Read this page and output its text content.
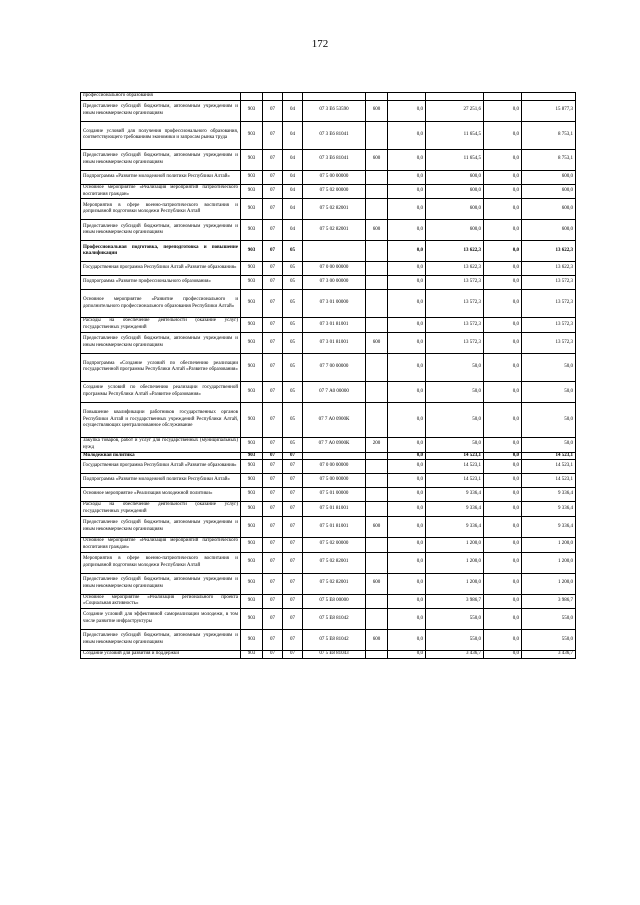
172
профессионального образования									
Предоставление субсидий бюджетным, автономным учреждениям и иным некоммерческим организациям	903	07	04	07 3 Е6 53590	600	0,0	27 251,6	0,0	15 877,3
Создание условий для получения профессионального образования, соответствующего требованиям экономики и запросам рынка труда	903	07	04	07 3 Е6 81041		0,0	11 654,5	0,0	8 753,1
Предоставление субсидий бюджетным, автономным учреждениям и иным некоммерческим организациям	903	07	04	07 3 Е6 81041	600	0,0	11 654,5	0,0	8 753,1
Подпрограмма «Развитие молодежной политики Республики Алтай»	903	07	04	07 5 00 00000		0,0	600,0	0,0	600,0
Основное мероприятие «Реализация мероприятий патриотического воспитания граждан»	903	07	04	07 5 02 00000		0,0	600,0	0,0	600,0
Мероприятия в сфере военно-патриотического воспитания и допризывной подготовки молодежи Республики Алтай	903	07	04	07 5 02 82001		0,0	600,0	0,0	600,0
Предоставление субсидий бюджетным, автономным учреждениям и иным некоммерческим организациям	903	07	04	07 5 02 82001	600	0,0	600,0	0,0	600,0
Профессиональная подготовка, переподготовка и повышение квалификации	903	07	05			0,0	13 622,3	0,0	13 622,3
Государственная программа Республики Алтай «Развитие образования»	903	07	05	07 0 00 00000		0,0	13 622,3	0,0	13 622,3
Подпрограмма «Развитие профессионального образования»	903	07	05	07 3 00 00000		0,0	13 572,3	0,0	13 572,3
Основное мероприятие «Развитие профессионального и дополнительного профессионального образования Республики Алтай»	903	07	05	07 3 01 00000		0,0	13 572,3	0,0	13 572,3
Расходы на обеспечение деятельности (оказание услуг) государственных учреждений	903	07	05	07 3 01 81001		0,0	13 572,3	0,0	13 572,3
Предоставление субсидий бюджетным, автономным учреждениям и иным некоммерческим организациям	903	07	05	07 3 01 81001	600	0,0	13 572,3	0,0	13 572,3
Подпрограмма «Создание условий по обеспечению реализации государственной программы Республики Алтай «Развитие образования»	903	07	05	07 7 00 00000		0,0	50,0	0,0	50,0
Создание условий по обеспечению реализации государственной программы Республики Алтай «Развитие образования»	903	07	05	07 7 А0 00000		0,0	50,0	0,0	50,0
Повышение квалификации работников государственных органов Республики Алтай и государственных учреждений Республики Алтай, осуществляющих централизованное обслуживание	903	07	05	07 7 А0 0900К		0,0	50,0	0,0	50,0
Закупка товаров, работ и услуг для государственных (муниципальных) нужд	903	07	05	07 7 А0 0900К	200	0,0	50,0	0,0	50,0
Молодежная политика	903	07	07			0,0	14 523,1	0,0	14 523,1
Государственная программа Республики Алтай «Развитие образования»	903	07	07	07 0 00 00000		0,0	14 523,1	0,0	14 523,1
Подпрограмма «Развитие молодежной политики Республики Алтай»	903	07	07	07 5 00 00000		0,0	14 523,1	0,0	14 523,1
Основное мероприятие «Реализация молодежной политики»	903	07	07	07 5 01 00000		0,0	9 336,4	0,0	9 336,4
Расходы на обеспечение деятельности (оказание услуг) государственных учреждений	903	07	07	07 5 01 81001		0,0	9 336,4	0,0	9 336,4
Предоставление субсидий бюджетным, автономным учреждениям и иным некоммерческим организациям	903	07	07	07 5 01 81001	600	0,0	9 336,4	0,0	9 336,4
Основное мероприятие «Реализация мероприятий патриотического воспитания граждан»	903	07	07	07 5 02 00000		0,0	1 200,0	0,0	1 200,0
Мероприятия в сфере военно-патриотического воспитания и допризывной подготовки молодежи Республики Алтай	903	07	07	07 5 02 82001		0,0	1 200,0	0,0	1 200,0
Предоставление субсидий бюджетным, автономным учреждениям и иным некоммерческим организациям	903	07	07	07 5 02 82001	600	0,0	1 200,0	0,0	1 200,0
Основное мероприятие «Реализация регионального проекта «Социальная активность»	903	07	07	07 5 Е8 00000		0,0	3 986,7	0,0	3 986,7
Создание условий для эффективной самореализации молодежи, в том числе развитие инфраструктуры	903	07	07	07 5 Е8 81042		0,0	550,0	0,0	550,0
Предоставление субсидий бюджетным, автономным учреждениям и иным некоммерческим организациям	903	07	07	07 5 Е8 81042	600	0,0	550,0	0,0	550,0
Создание условий для развития и поддержки	903	07	07	07 5 Е8 81043		0,0	3 436,7	0,0	3 436,7
